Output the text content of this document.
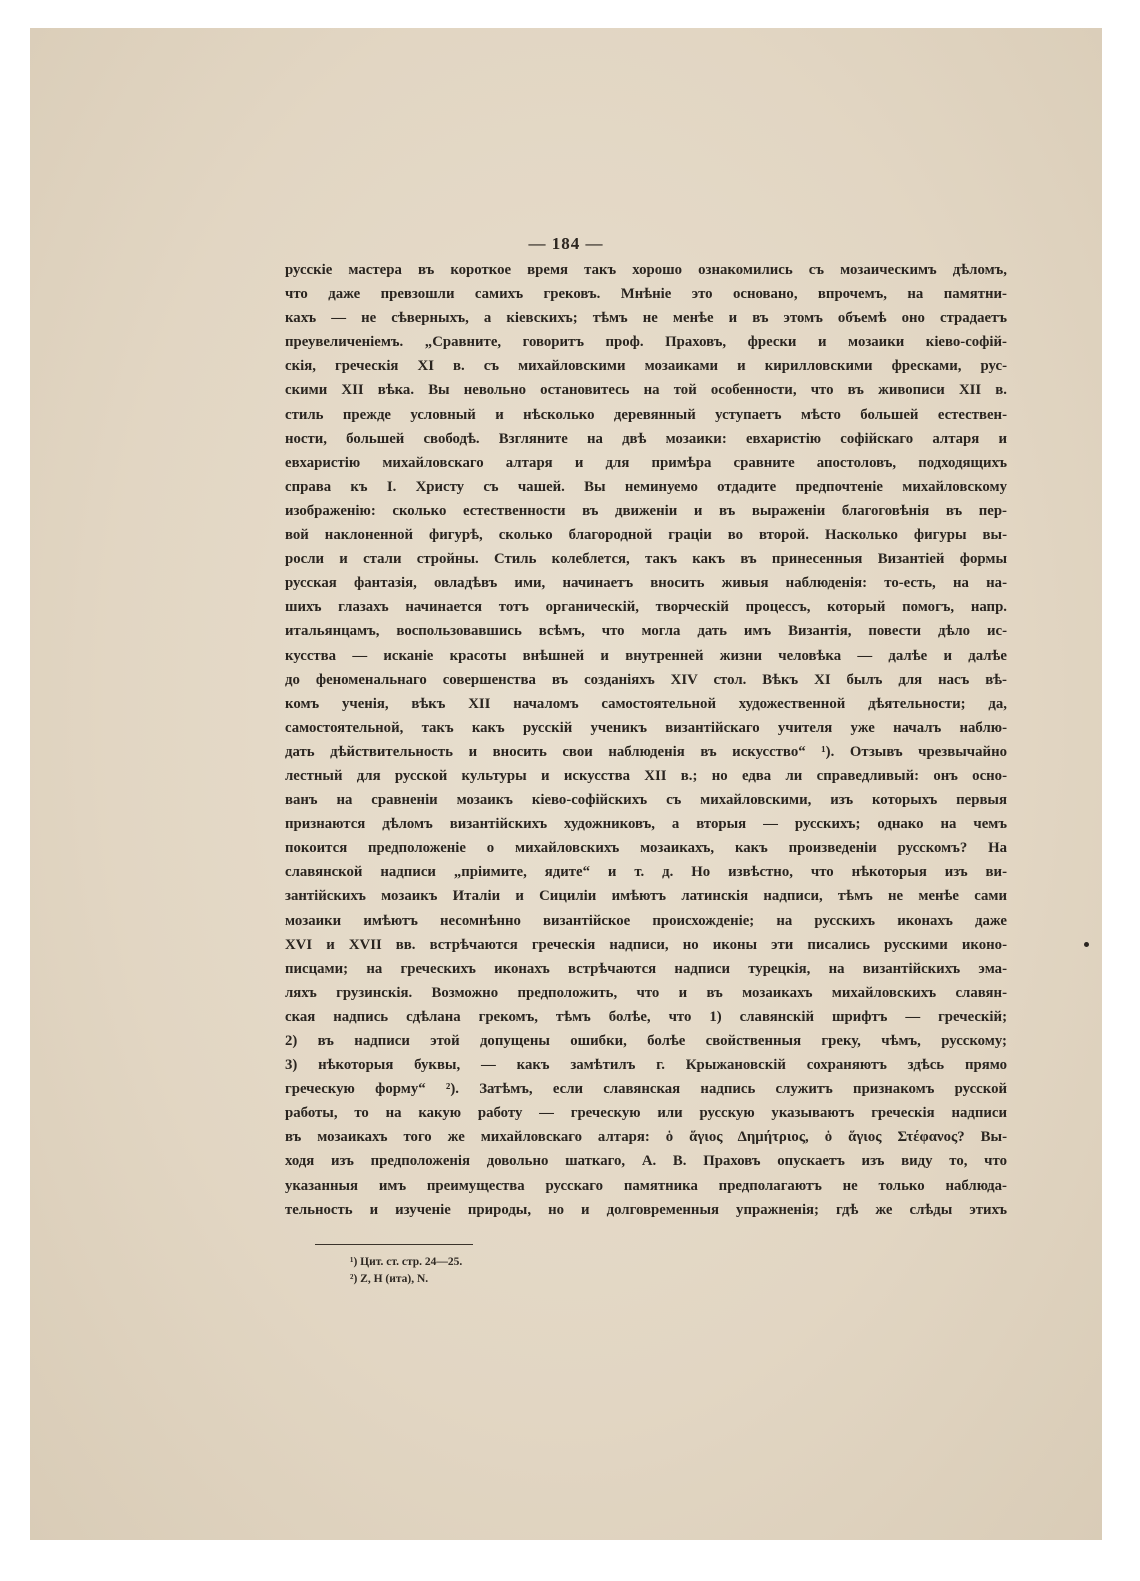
— 184 —
русскіе мастера въ короткое время такъ хорошо ознакомились съ мозаическимъ дѣломъ,
что даже превзошли самихъ грековъ. Мнѣніе это основано, впрочемъ, на памятни-
кахъ — не сѣверныхъ, а кіевскихъ; тѣмъ не менѣе и въ этомъ объемѣ оно страдаетъ
преувеличеніемъ. „Сравните, говоритъ проф. Праховъ, фрески и мозаики кіево-софій-
скія, греческія XI в. съ михайловскими мозаиками и кирилловскими фресками, рус-
скими XII вѣка. Вы невольно остановитесь на той особенности, что въ живописи XII в.
стиль прежде условный и нѣсколько деревянный уступаетъ мѣсто большей естествен-
ности, большей свободѣ. Взгляните на двѣ мозаики: евхаристію софійскаго алтаря и
евхаристію михайловскаго алтаря и для примѣра сравните апостоловъ, подходящихъ
справа къ I. Христу съ чашей. Вы неминуемо отдадите предпочтеніе михайловскому
изображенію: сколько естественности въ движеніи и въ выраженіи благоговѣнія въ пер-
вой наклоненной фигурѣ, сколько благородной граціи во второй. Насколько фигуры вы-
росли и стали стройны. Стиль колеблется, такъ какъ въ принесенныя Византіей формы
русская фантазія, овладѣвъ ими, начинаетъ вносить живыя наблюденія: то-есть, на на-
шихъ глазахъ начинается тотъ органическій, творческій процессъ, который помогъ, напр.
итальянцамъ, воспользовавшись всѣмъ, что могла дать имъ Византія, повести дѣло ис-
кусства — исканіе красоты внѣшней и внутренней жизни человѣка — далѣе и далѣе
до феноменальнаго совершенства въ созданіяхъ XIV стол. Вѣкъ XI былъ для насъ вѣ-
комъ ученія, вѣкъ XII началомъ самостоятельной художественной дѣятельности; да,
самостоятельной, такъ какъ русскій ученикъ византійскаго учителя уже началъ наблю-
дать дѣйствительность и вносить свои наблюденія въ искусство“ ¹). Отзывъ чрезвычайно
лестный для русской культуры и искусства XII в.; но едва ли справедливый: онъ осно-
ванъ на сравненіи мозаикъ кіево-софійскихъ съ михайловскими, изъ которыхъ первыя
признаются дѣломъ византійскихъ художниковъ, а вторыя — русскихъ; однако на чемъ
покоится предположеніе о михайловскихъ мозаикахъ, какъ произведеніи русскомъ? На
славянской надписи „пріимите, ядите“ и т. д. Но извѣстно, что нѣкоторыя изъ ви-
зантійскихъ мозаикъ Италіи и Сициліи имѣютъ латинскія надписи, тѣмъ не менѣе сами
мозаики имѣютъ несомнѣнно византійское происхожденіе; на русскихъ иконахъ даже
XVI и XVII вв. встрѣчаются греческія надписи, но иконы эти писались русскими иконо-
писцами; на греческихъ иконахъ встрѣчаются надписи турецкія, на византійскихъ эма-
ляхъ грузинскія. Возможно предположить, что и въ мозаикахъ михайловскихъ славян-
ская надпись сдѣлана грекомъ, тѣмъ болѣе, что 1) славянскій шрифтъ — греческій;
2) въ надписи этой допущены ошибки, болѣе свойственныя греку, чѣмъ, русскому;
3) нѣкоторыя буквы, — какъ замѣтилъ г. Крыжановскій сохраняютъ здѣсь прямо
греческую форму“ ²). Затѣмъ, если славянская надпись служитъ признакомъ русской
работы, то на какую работу — греческую или русскую указываютъ греческія надписи
въ мозаикахъ того же михайловскаго алтаря: ὁ ἅγιος Δημήτριος, ὁ ἅγιος Στέφανος? Вы-
ходя изъ предположенія довольно шаткаго, А. В. Праховъ опускаетъ изъ виду то, что
указанныя имъ преимущества русскаго памятника предполагаютъ не только наблюда-
тельность и изученіе природы, но и долговременныя упражненія; гдѣ же слѣды этихъ
¹) Цит. ст. стр. 24—25.
²) Z, H (ита), N.
